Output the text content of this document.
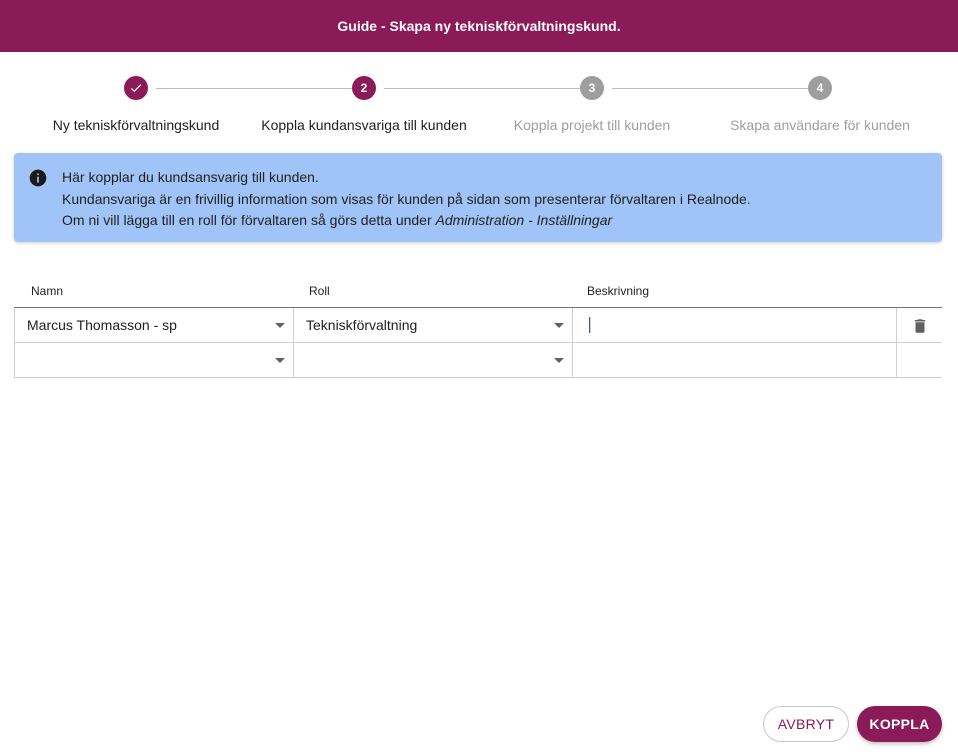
Guide - Skapa ny tekniskförvaltningskund.
Ny tekniskförvaltningskund
2
Koppla kundansvariga till kunden
3
Koppla projekt till kunden
4
Skapa användare för kunden
Här kopplar du kundsansvarig till kunden.
Kundansvariga är en frivillig information som visas för kunden på sidan som presenterar förvaltaren i Realnode.
Om ni vill lägga till en roll för förvaltaren så görs detta under Administration - Inställningar
Namn	Roll	Beskrivning
Marcus Thomasson - sp	Tekniskförvaltning
AVBRYT	KOPPLA
